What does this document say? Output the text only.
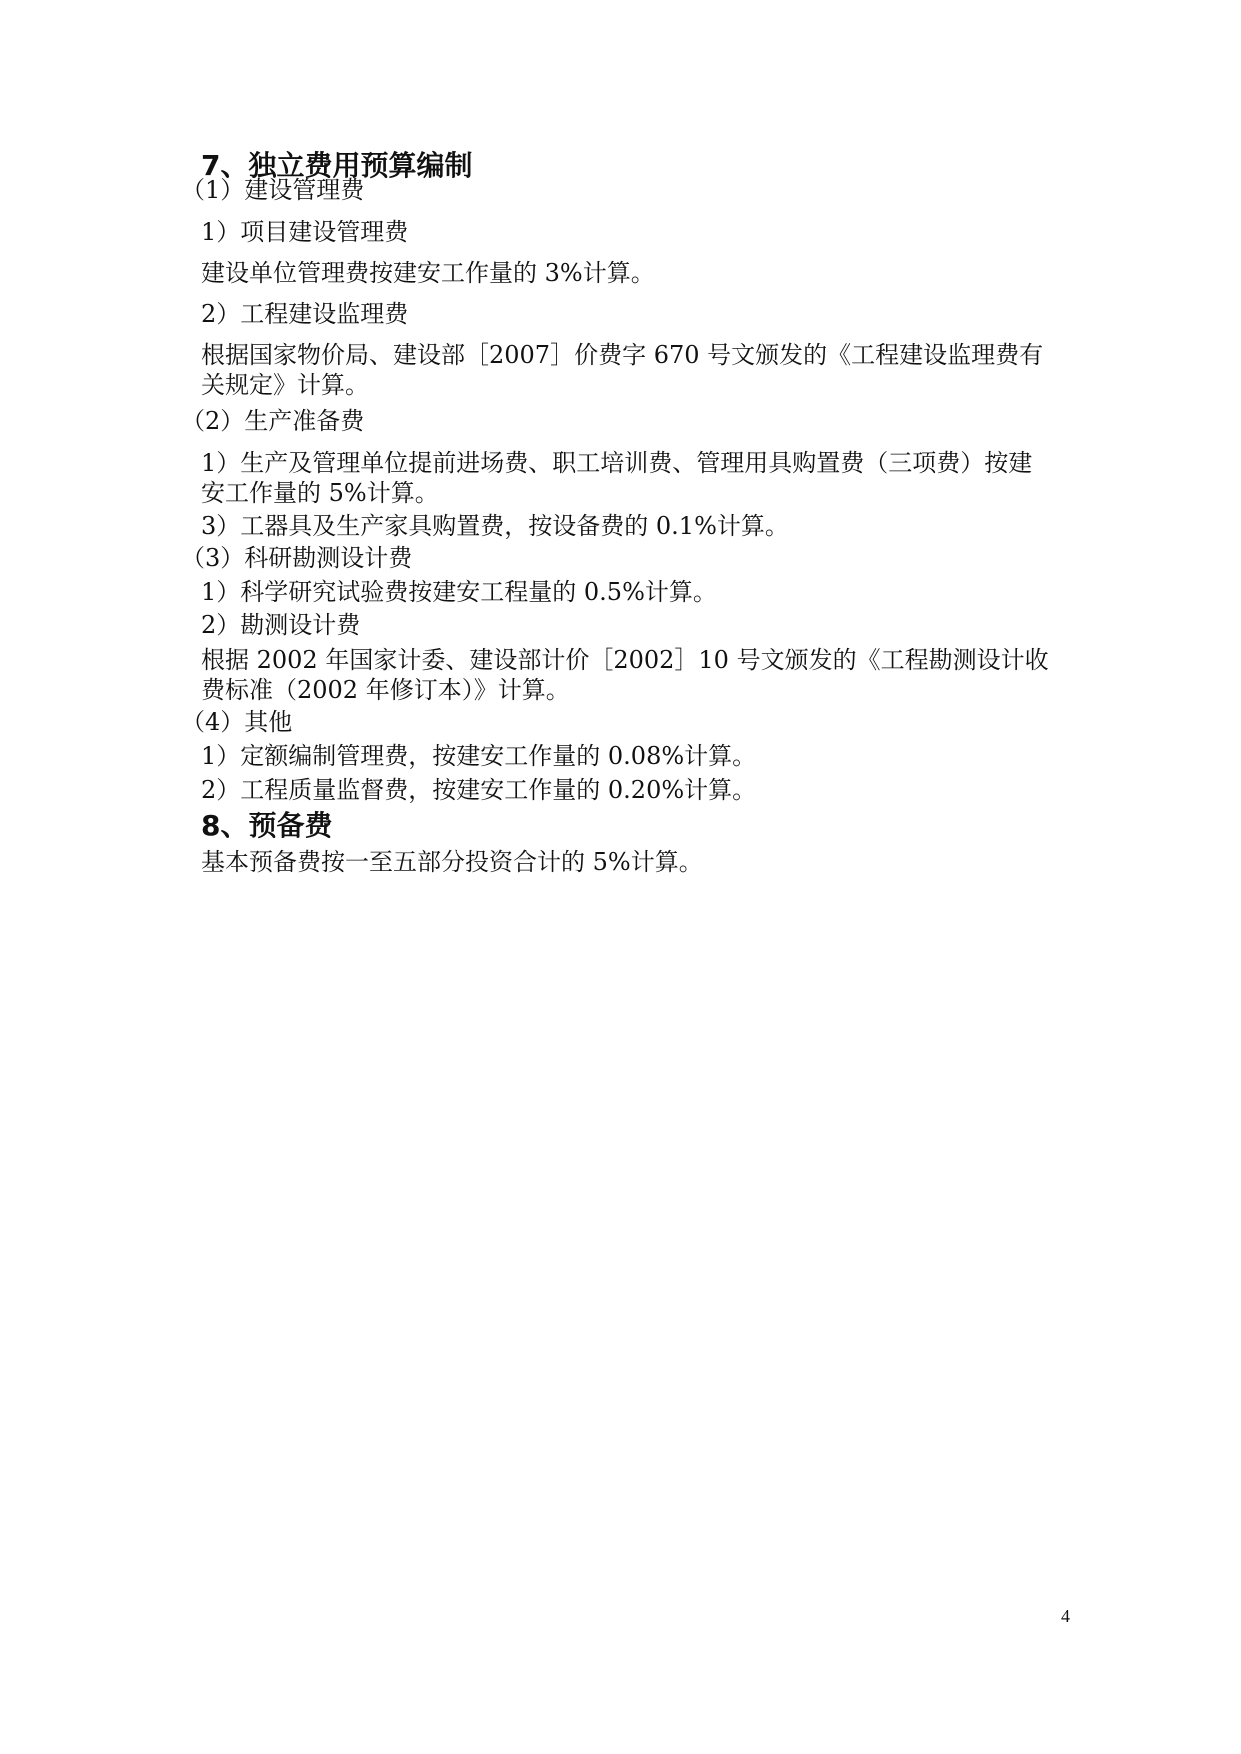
7、独立费用预算编制
（1）建设管理费
1）项目建设管理费
建设单位管理费按建安工作量的 3%计算。
2）工程建设监理费
根据国家物价局、建设部［2007］价费字 670 号文颁发的《工程建设监理费有
关规定》计算。
（2）生产准备费
1）生产及管理单位提前进场费、职工培训费、管理用具购置费（三项费）按建
安工作量的 5%计算。
3）工器具及生产家具购置费，按设备费的 0.1%计算。
（3）科研勘测设计费
1）科学研究试验费按建安工程量的 0.5%计算。
2）勘测设计费
根据 2002 年国家计委、建设部计价［2002］10 号文颁发的《工程勘测设计收
费标准（2002 年修订本）》计算。
（4）其他
1）定额编制管理费，按建安工作量的 0.08%计算。
2）工程质量监督费，按建安工作量的 0.20%计算。
8、预备费
基本预备费按一至五部分投资合计的 5%计算。
4
